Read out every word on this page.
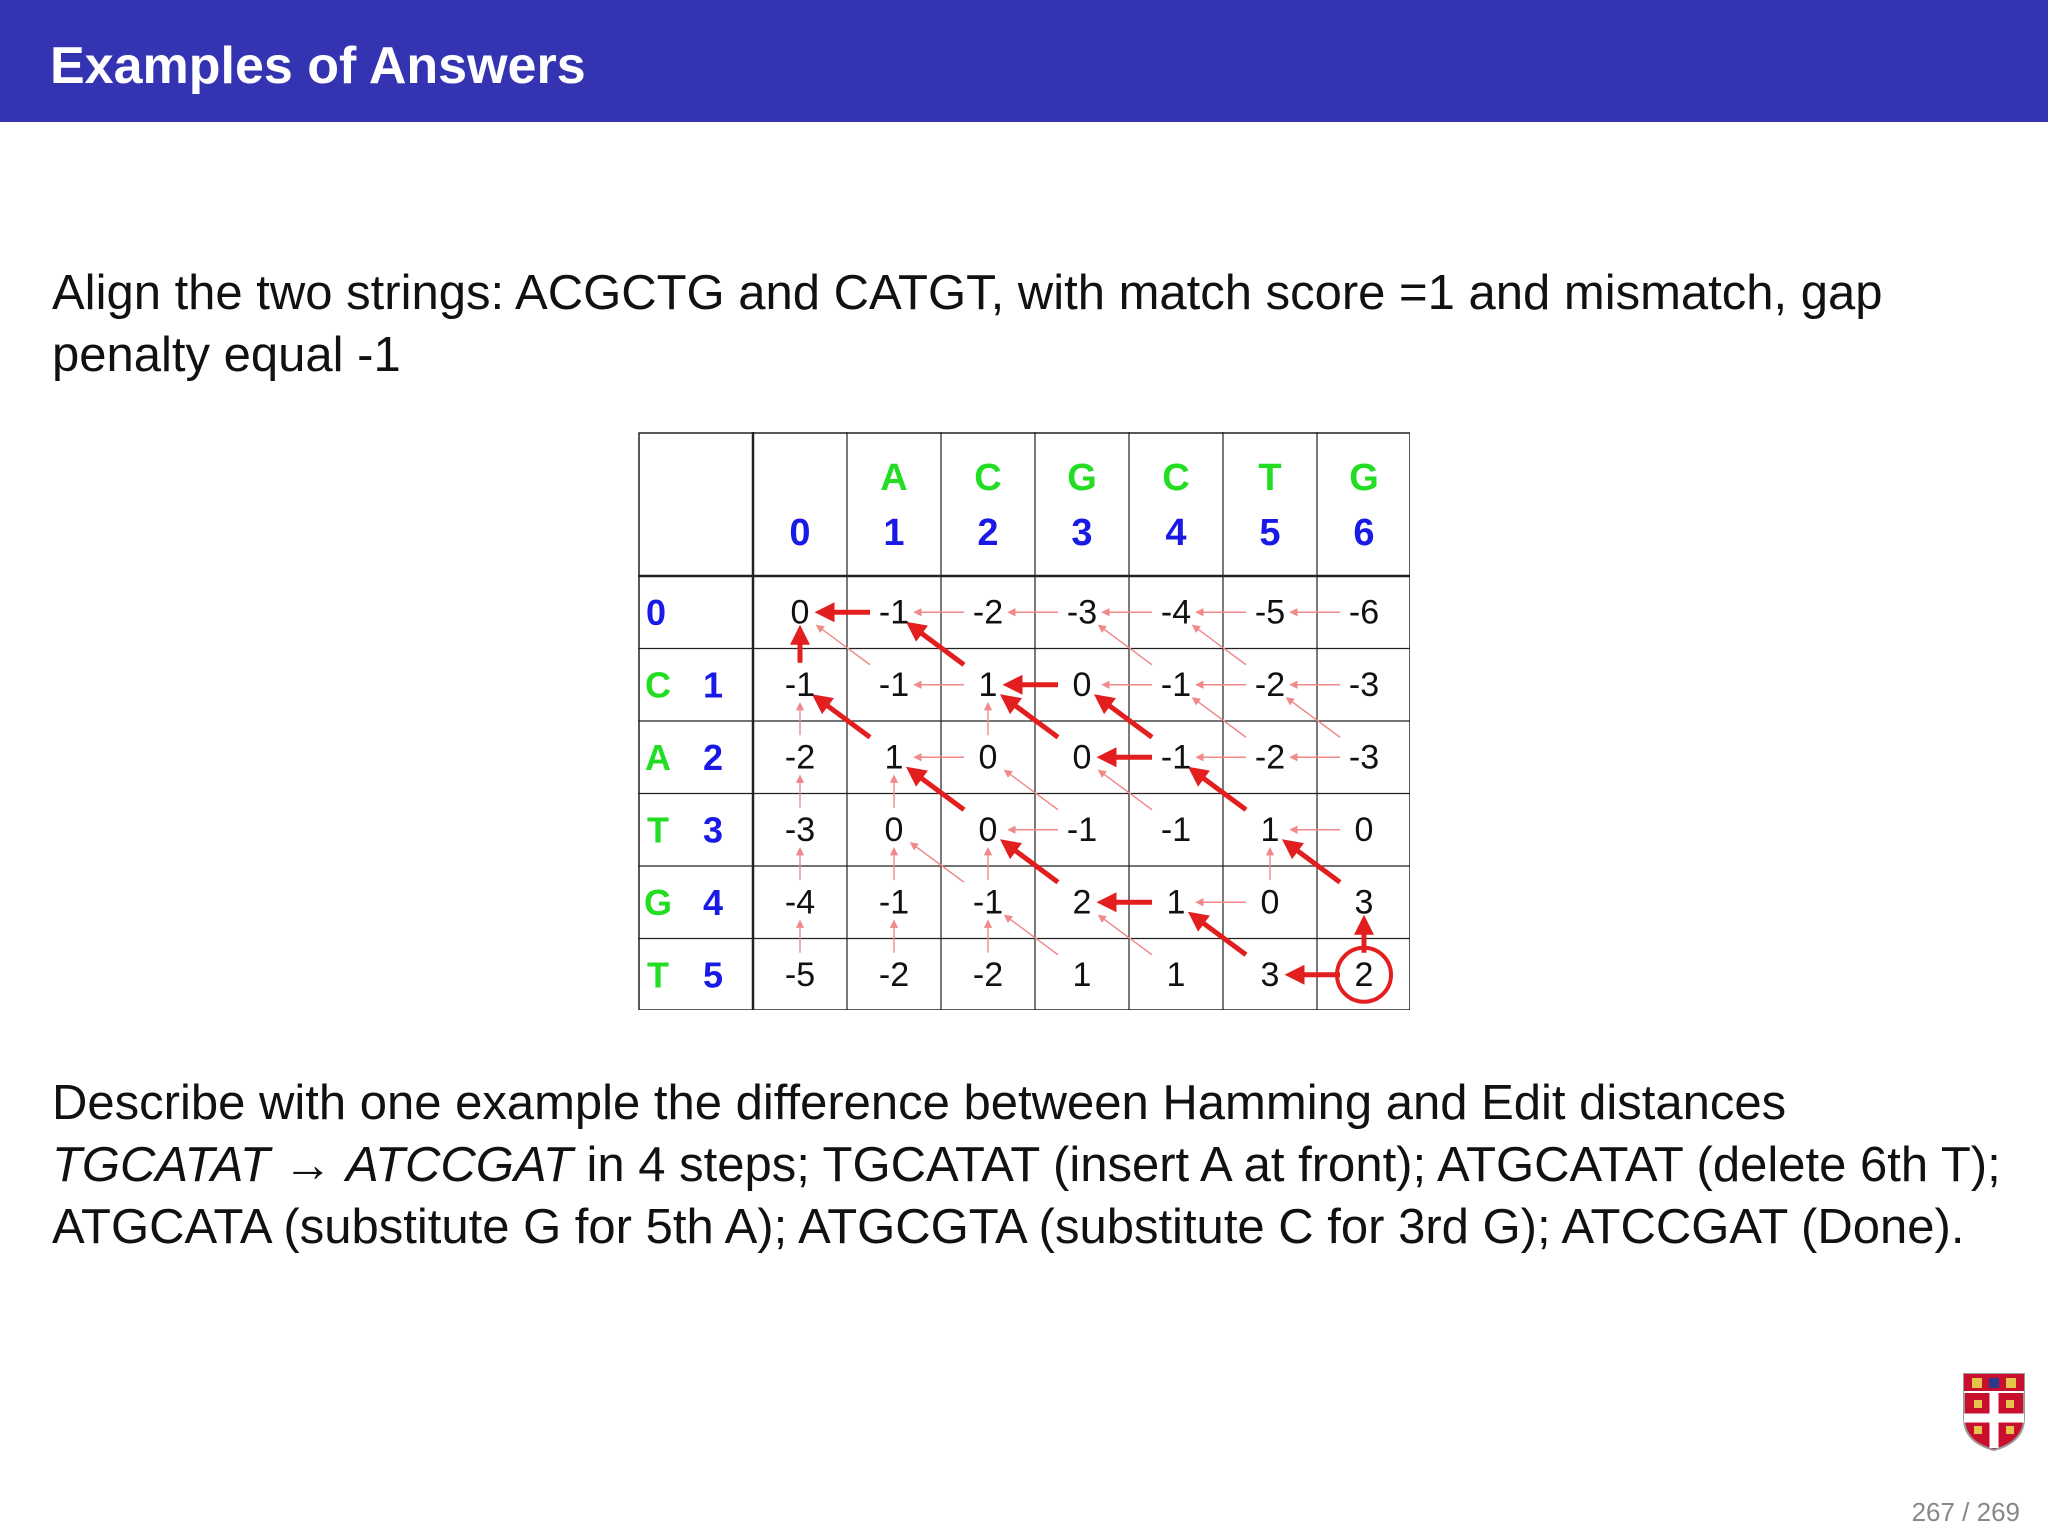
Examples of Answers

Align the two strings: ACGCTG and CATGT, with match score =1 and mismatch, gap penalty equal -1

0
A
1
C
2
G
3
C
4
T
5
G
6
0
C 1
A 2
T 3
G 4
T 5
0 -1 -2 -3 -4 -5 -6
-1 -1 1 0 -1 -2 -3
-2 1 0 0 -1 -2 -3
-3 0 0 -1 -1 1 0
-4 -1 -1 2 1 0 3
-5 -2 -2 1 1 3 2

Describe with one example the difference between Hamming and Edit distances
TGCATAT → ATCCGAT in 4 steps; TGCATAT (insert A at front); ATGCATAT (delete 6th T); ATGCATA (substitute G for 5th A); ATGCGTA (substitute C for 3rd G); ATCCGAT (Done).

267 / 269
